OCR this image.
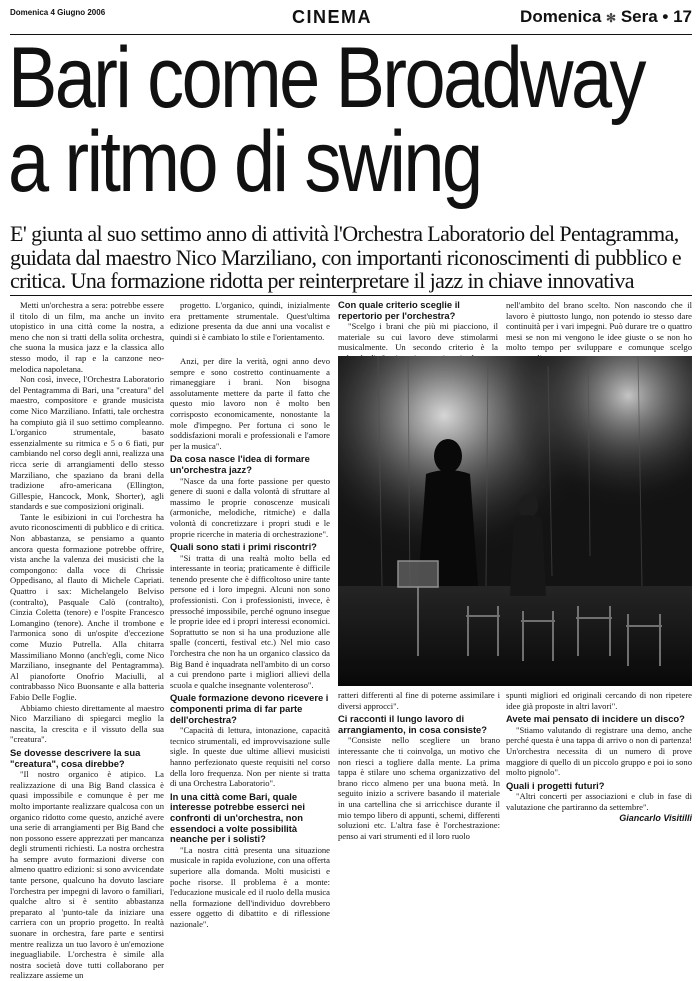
Domenica 4 Giugno 2006	CINEMA	Domenica ✻ Sera • 17
Bari come Broadway
a ritmo di swing
E' giunta al suo settimo anno di attività l'Orchestra Laboratorio del Pentagramma, guidata dal maestro Nico Marziliano, con importanti riconoscimenti di pubblico e critica. Una formazione ridotta per reinterpretare il jazz in chiave innovativa

Metti un'orchestra a sera: potrebbe essere il titolo di un film, ma anche un invito utopistico in una città come la nostra, a meno che non si tratti della solita orchestra, che suona la musica jazz e la classica allo stesso modo, il rap e la canzone neo-melodica napoletana.

Non così, invece, l'Orchestra Laboratorio del Pentagramma di Bari, una "creatura" del maestro, compositore e grande musicista come Nico Marziliano. Infatti, tale orchestra ha compiuto già il suo settimo compleanno. L'organico strumentale, basato essenzialmente su ritmica e 5 o 6 fiati, pur cambiando nel corso degli anni, realizza una ricca serie di arrangiamenti dello stesso Marziliano, che spaziano da brani della tradizione afro-americana (Ellington, Gillespie, Hancock, Monk, Shorter), agli standards e sue composizioni originali.

Tante le esibizioni in cui l'orchestra ha avuto riconoscimenti di pubblico e di critica. Non abbastanza, se pensiamo a quanto ancora questa formazione potrebbe offrire, vista anche la valenza dei musicisti che la compongono: dalla voce di Chrissie Oppedisano, al flauto di Michele Capriati. Quattro i sax: Michelangelo Belviso (contralto), Pasquale Calò (contralto), Cinzia Coletta (tenore) e l'ospite Francesco Lomangino (tenore). Anche il trombone e l'armonica sono di un'ospite d'eccezione come Muzio Putrella. Alla chitarra Massimiliano Monno (anch'egli, come Nico Marziliano, insegnante del Pentagramma). Al pianoforte Onofrio Maciulli, al contrabbasso Nico Buonsante e alla batteria Fabio Delle Foglie.

Abbiamo chiesto direttamente al maestro Nico Marziliano di spiegarci meglio la nascita, la crescita e il vissuto della sua "creatura".

Se dovesse descrivere la sua "creatura", cosa direbbe?

"Il nostro organico è atipico. La realizzazione di una Big Band classica è quasi impossibile e comunque è per me molto importante realizzare qualcosa con un organico ridotto come questo, anziché avere una serie di arrangiamenti per Big Band che non possono essere apprezzati per mancanza degli strumenti richiesti. La nostra orchestra ha sempre avuto formazioni diverse con almeno quattro edizioni: si sono avvicendate tante persone, qualcuno ha dovuto lasciare l'orchestra per impegni di lavoro o familiari, qualche altro si è sentito abbastanza preparato al 'punto-tale da iniziare una carriera con un proprio progetto. In realtà suonare in orchestra, fare parte e sentirsi mentre realizza un tuo lavoro è un'emozione ineguagliabile. L'orchestra è simile alla nostra società dove tutti collaborano per realizzare assieme un

progetto. L'organico, quindi, inizialmente era prettamente strumentale. Quest'ultima edizione presenta da due anni una vocalist e quindi si è cambiato lo stile e l'orientamento.

Anzi, per dire la verità, ogni anno devo sempre e sono costretto continuamente a rimaneggiare i brani. Non bisogna assolutamente mettere da parte il fatto che questo mio lavoro non è molto ben corrisposto economicamente, nonostante la mole d'impegno. Per fortuna ci sono le soddisfazioni morali e professionali e l'amore per la musica".

Da cosa nasce l'idea di formare un'orchestra jazz?

"Nasce da una forte passione per questo genere di suoni e dalla volontà di sfruttare al massimo le proprie conoscenze musicali (armoniche, melodiche, ritmiche) e dalla volontà di concretizzare i propri studi e le proprie ricerche in materia di orchestrazione".

Quali sono stati i primi riscontri?

"Si tratta di una realtà molto bella ed interessante in teoria; praticamente è difficile tenendo presente che è difficoltoso unire tante persone ed i loro impegni. Alcuni non sono professionisti. Con i professionisti, invece, è pressoché impossibile, perché ognuno insegue le proprie idee ed i propri interessi economici. Soprattutto se non si ha una produzione alle spalle (concerti, festival etc.) Nel mio caso l'orchestra che non ha un organico classico da Big Band è inquadrata nell'ambito di un corso a cui prendono parte i migliori allievi della scuola e qualche insegnante volenteroso".

Quale formazione devono ricevere i componenti prima di far parte dell'orchestra?

"Capacità di lettura, intonazione, capacità tecnico strumentali, ed improvvisazione sulle sigle. In queste due ultime allievi musicisti hanno perfezionato queste requisiti nel corso della loro frequenza. Non per niente si tratta di una Orchestra Laboratorio".

In una città come Bari, quale interesse potrebbe esserci nei confronti di un'orchestra, non essendoci a volte possibilità neanche per i solisti?

"La nostra città presenta una situazione musicale in rapida evoluzione, con una offerta superiore alla domanda. Molti musicisti e poche risorse. Il problema è a monte: l'educazione musicale ed il ruolo della musica nella formazione dell'individuo dovrebbero essere oggetto di dibattito e di riflessione nazionale".

Con quale criterio sceglie il repertorio per l'orchestra?

"Scelgo i brani che più mi piacciono, il materiale su cui lavoro deve stimolarmi musicalmente. Un secondo criterio è la

nell'ambito del brano scelto. Non nascondo che il lavoro è piuttosto lungo, non potendo io stesso dare continuità per i vari impegni. Può durare tre o quattro mesi se non mi vengono le idee giuste o se non ho molto tempo per sviluppare e comunque scelgo

ratteri differenti al fine di poterne assimilare i diversi approcci".

Ci racconti il lungo lavoro di arrangiamento, in cosa consiste?

"Consiste nello scegliere un brano interessante che ti coinvolga, un motivo che non riesci a togliere dalla mente. La prima tappa è stilare uno schema organizzativo del brano ricco almeno per una buona metà. In seguito inizio a scrivere basando il materiale in una cartellina che si arricchisce durante il mio tempo libero di appunti, schemi, differenti soluzioni etc. L'altra fase è l'orchestrazione: penso ai vari strumenti ed il loro ruolo

spunti migliori ed originali cercando di non ripetere idee già proposte in altri lavori".

Avete mai pensato di incidere un disco?

"Stiamo valutando di registrare una demo, anche perché questa è una tappa di arrivo o non di partenza! Un'orchestra necessita di un numero di prove maggiore di quello di un piccolo gruppo e poi io sono molto pignolo".

Quali i progetti futuri?

"Altri concerti per associazioni e club in fase di valutazione che partiranno da settembre".

Giancarlo Visitilli
